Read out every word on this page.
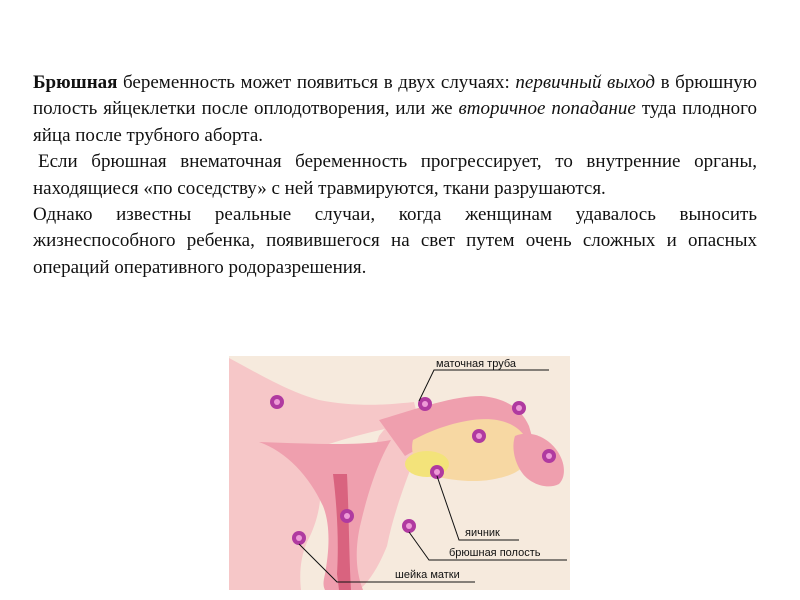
Брюшная беременность может появиться в двух случаях: первичный выход в брюшную полость яйцеклетки после оплодотворения, или же вторичное попадание туда плодного яйца после трубного аборта.

Если брюшная внематочная беременность прогрессирует, то внутренние органы, находящиеся «по соседству» с ней травмируются, ткани разрушаются.

Однако известны реальные случаи, когда женщинам удавалось выносить жизнеспособного ребенка, появившегося на свет путем очень сложных и опасных операций оперативного родоразрешения.

маточная труба
яичник
брюшная полость
шейка матки
